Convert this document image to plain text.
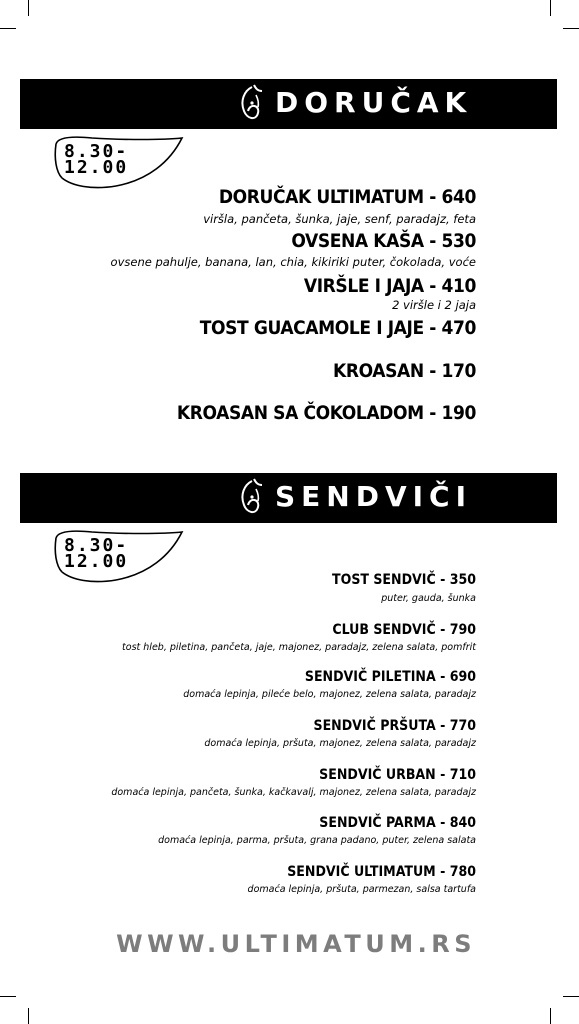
DORUČAK
8.30-
12.00
DORUČAK ULTIMATUM - 640
viršla, pančeta, šunka, jaje, senf, paradajz, feta
OVSENA KAŠA - 530
ovsene pahulje, banana, lan, chia, kikiriki puter, čokolada, voće
VIRŠLE I JAJA - 410
2 viršle i 2 jaja
TOST GUACAMOLE I JAJE - 470
KROASAN - 170
KROASAN SA ČOKOLADOM - 190
SENDVIČI
8.30-
12.00
TOST SENDVIČ - 350
puter, gauda, šunka
CLUB SENDVIČ - 790
tost hleb, piletina, pančeta, jaje, majonez, paradajz, zelena salata, pomfrit
SENDVIČ PILETINA - 690
domaća lepinja, pileće belo, majonez, zelena salata, paradajz
SENDVIČ PRŠUTA - 770
domaća lepinja, pršuta, majonez, zelena salata, paradajz
SENDVIČ URBAN - 710
domaća lepinja, pančeta, šunka, kačkavalj, majonez, zelena salata, paradajz
SENDVIČ PARMA - 840
domaća lepinja, parma, pršuta, grana padano, puter, zelena salata
SENDVIČ ULTIMATUM - 780
domaća lepinja, pršuta, parmezan, salsa tartufa
WWW.ULTIMATUM.RS
